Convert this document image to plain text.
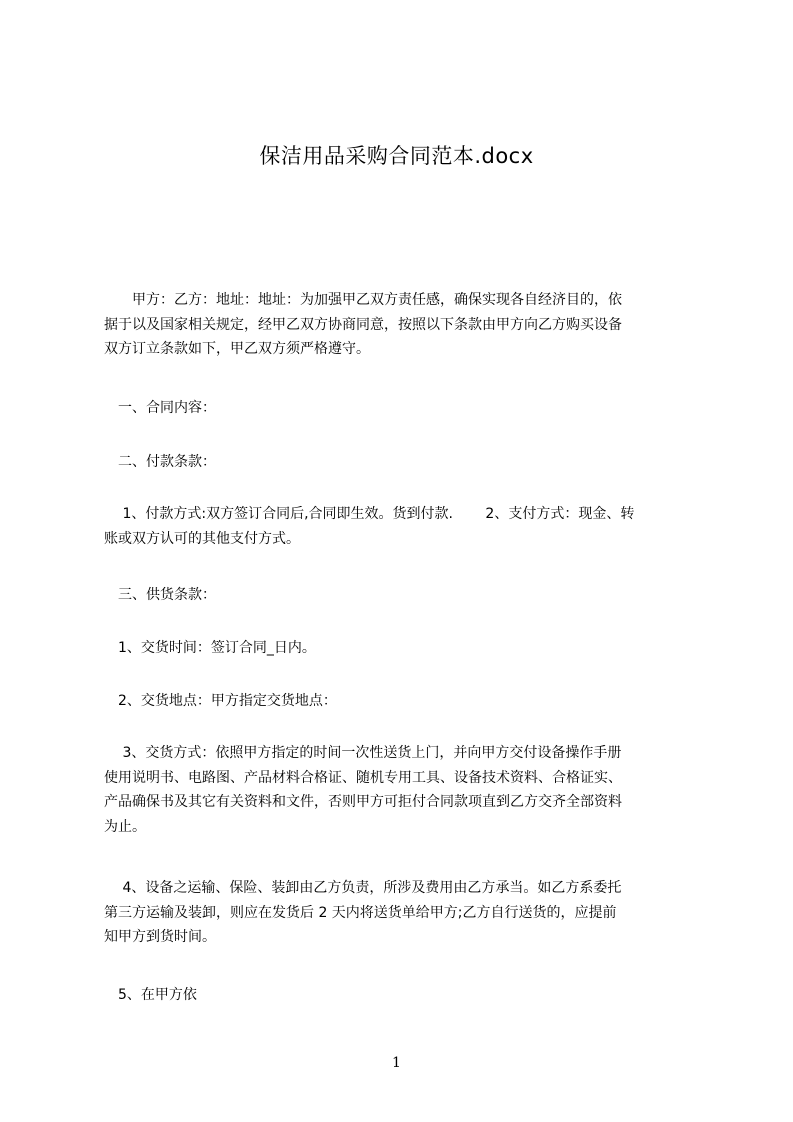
保洁用品采购合同范本.docx
　　甲方：乙方：地址：地址：为加强甲乙双方责任感，确保实现各自经济目的，依
据于以及国家相关规定，经甲乙双方协商同意，按照以下条款由甲方向乙方购买设备
双方订立条款如下，甲乙双方须严格遵守。
　一、合同内容：
　二、付款条款：
　 1、付款方式:双方签订合同后,合同即生效。货到付款.　　 2、支付方式：现金、转
账或双方认可的其他支付方式。
　三、供货条款：
　1、交货时间：签订合同_日内。
　2、交货地点：甲方指定交货地点：
　 3、交货方式：依照甲方指定的时间一次性送货上门，并向甲方交付设备操作手册
使用说明书、电路图、产品材料合格证、随机专用工具、设备技术资料、合格证实、
产品确保书及其它有关资料和文件，否则甲方可拒付合同款项直到乙方交齐全部资料
为止。
　 4、设备之运输、保险、装卸由乙方负责，所涉及费用由乙方承当。如乙方系委托
第三方运输及装卸，则应在发货后 2 天内将送货单给甲方;乙方自行送货的，应提前
知甲方到货时间。
　5、在甲方依
1
